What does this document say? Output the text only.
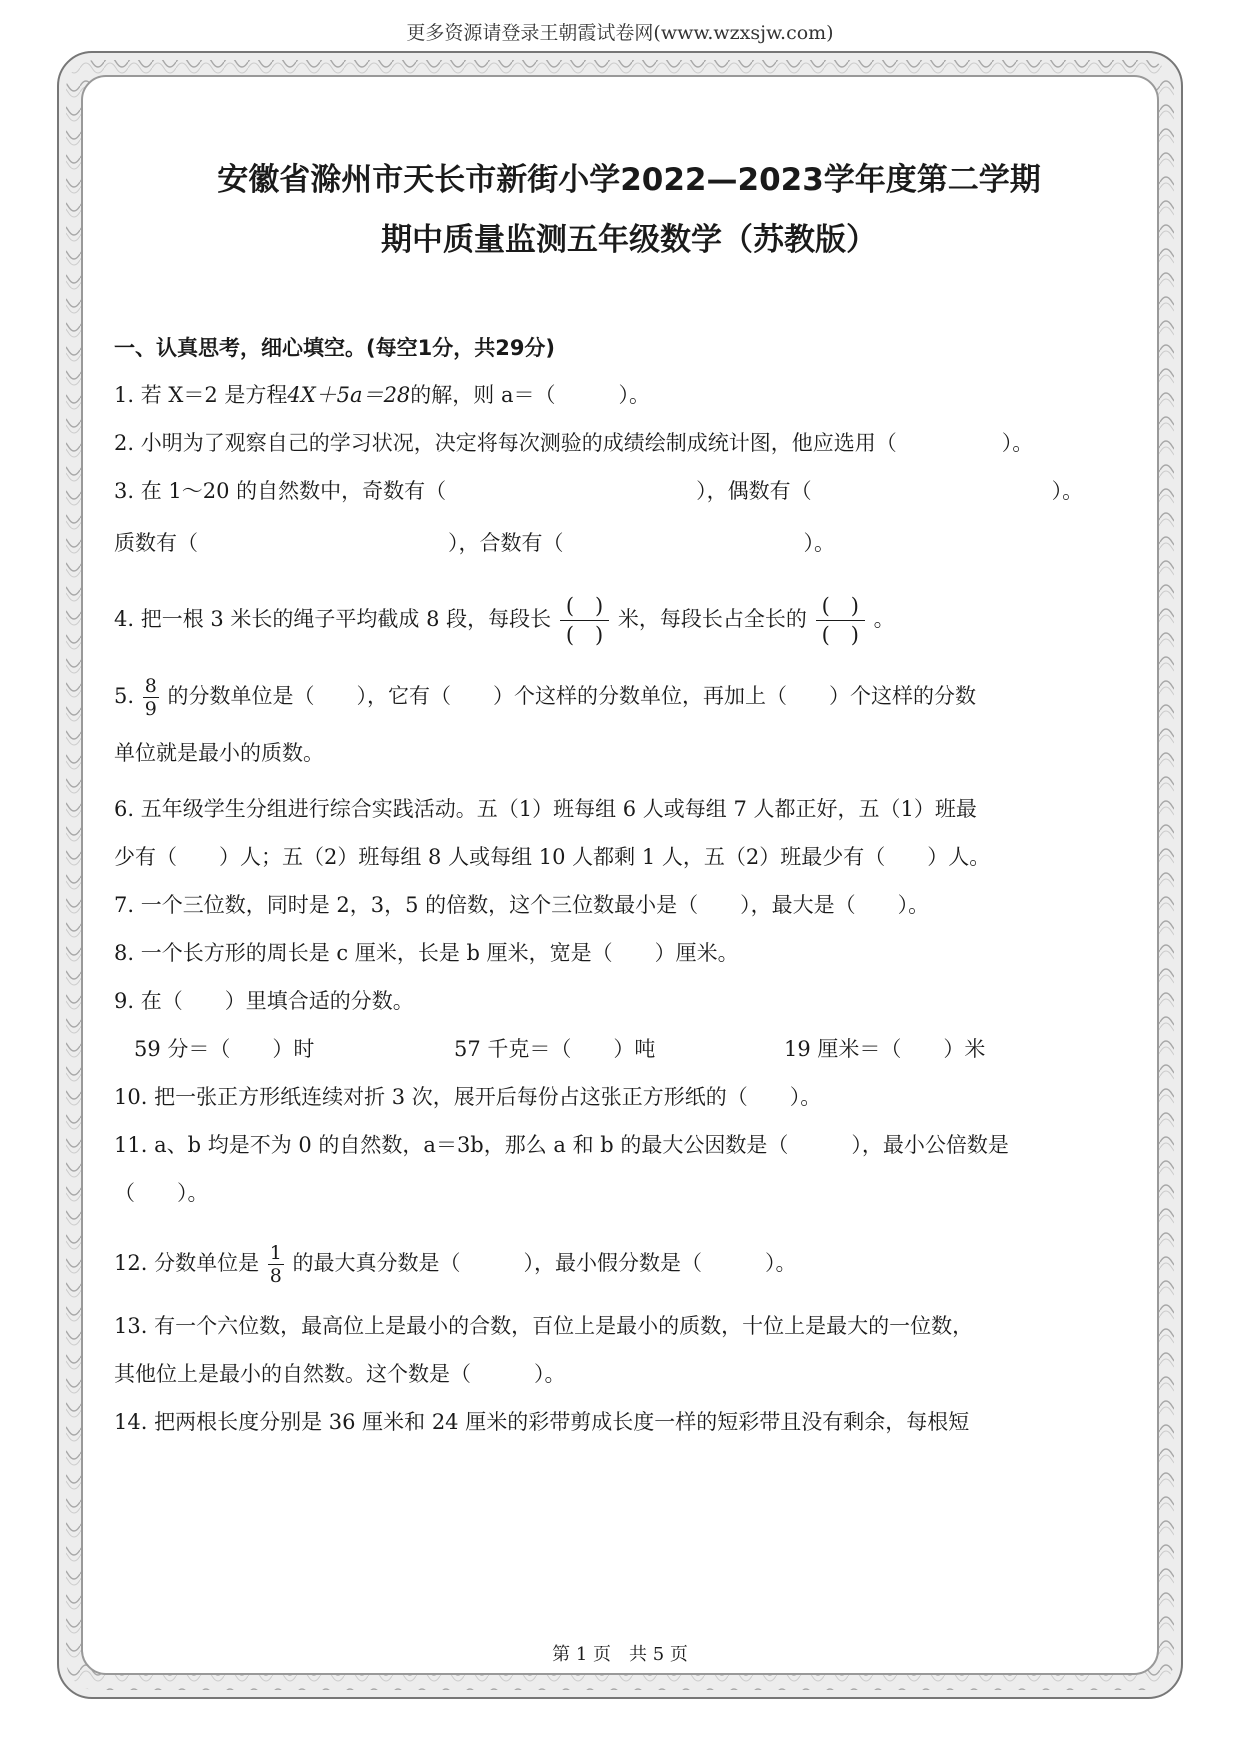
更多资源请登录王朝霞试卷网(www.wzxsjw.com)
安徽省滁州市天长市新街小学2022—2023学年度第二学期
期中质量监测五年级数学（苏教版）
一、认真思考，细心填空。(每空1分，共29分)
1. 若 X＝2 是方程4X＋5a＝28的解，则 a＝（　　　）。
2. 小明为了观察自己的学习状况，决定将每次测验的成绩绘制成统计图，他应选用（　　　　　）。
3. 在 1～20 的自然数中，奇数有（	），偶数有（	）。
质数有（	），合数有（	）。
4. 把一根 3 米长的绳子平均截成 8 段，每段长 $\frac{( )}{( )}$ 米，每段长占全长的 $\frac{( )}{( )}$ 。
5. $\frac{8}{9}$ 的分数单位是（　　），它有（　　）个这样的分数单位，再加上（　　）个这样的分数
单位就是最小的质数。
6. 五年级学生分组进行综合实践活动。五（1）班每组 6 人或每组 7 人都正好，五（1）班最
少有（　　）人；五（2）班每组 8 人或每组 10 人都剩 1 人，五（2）班最少有（　　）人。
7. 一个三位数，同时是 2，3，5 的倍数，这个三位数最小是（　　），最大是（　　）。
8. 一个长方形的周长是 c 厘米，长是 b 厘米，宽是（　　）厘米。
9. 在（　　）里填合适的分数。
59 分＝（　　）时	57 千克＝（　　）吨	19 厘米＝（　　）米
10. 把一张正方形纸连续对折 3 次，展开后每份占这张正方形纸的（　　）。
11. a、b 均是不为 0 的自然数，a＝3b，那么 a 和 b 的最大公因数是（　　　），最小公倍数是
（　　）。
12. 分数单位是 $\frac{1}{8}$ 的最大真分数是（　　　），最小假分数是（　　　）。
13. 有一个六位数，最高位上是最小的合数，百位上是最小的质数，十位上是最大的一位数，
其他位上是最小的自然数。这个数是（　　　）。
14. 把两根长度分别是 36 厘米和 24 厘米的彩带剪成长度一样的短彩带且没有剩余，每根短
第 1 页　共 5 页
